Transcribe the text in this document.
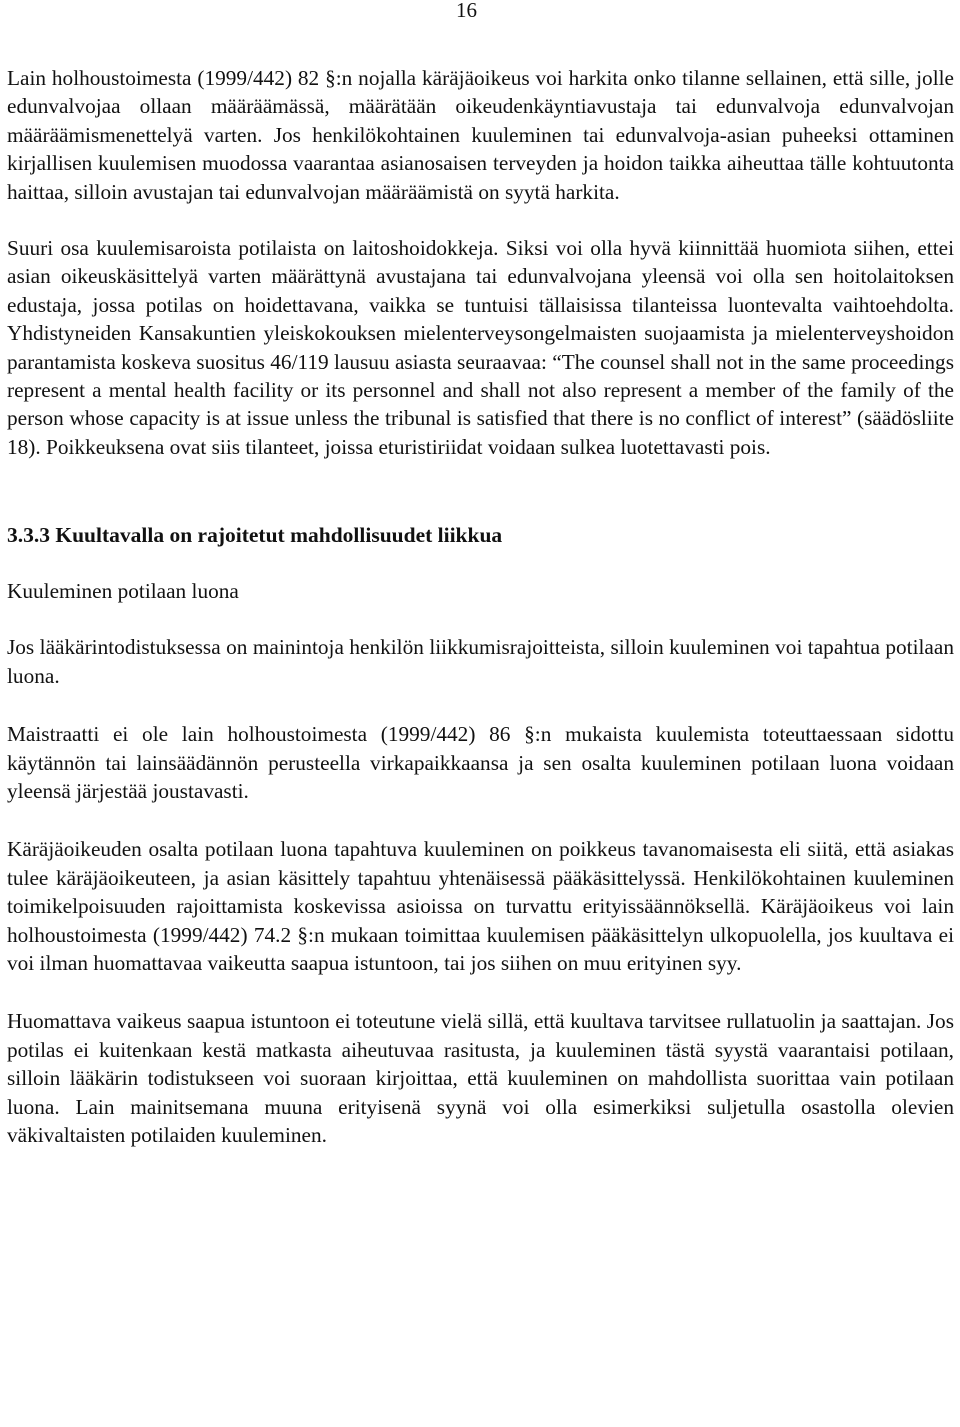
16

Lain holhoustoimesta (1999/442) 82 §:n nojalla käräjäoikeus voi harkita onko tilanne sellainen, että sille, jolle edunvalvojaa ollaan määräämässä, määrätään oikeudenkäyntiavustaja tai edunvalvoja edunvalvojan määräämismenettelyä varten. Jos henkilökohtainen kuuleminen tai edunvalvoja-asian puheeksi ottaminen kirjallisen kuulemisen muodossa vaarantaa asianosaisen terveyden ja hoidon taikka aiheuttaa tälle kohtuutonta haittaa, silloin avustajan tai edunvalvojan määräämistä on syytä harkita.

Suuri osa kuulemisaroista potilaista on laitoshoidokkeja. Siksi voi olla hyvä kiinnittää huomiota siihen, ettei asian oikeuskäsittelyä varten määrättynä avustajana tai edunvalvojana yleensä voi olla sen hoitolaitoksen edustaja, jossa potilas on hoidettavana, vaikka se tuntuisi tällaisissa tilanteissa luontevalta vaihtoehdolta. Yhdistyneiden Kansakuntien yleiskokouksen mielenterveysongelmaisten suojaamista ja mielenterveyshoidon parantamista koskeva suositus 46/119 lausuu asiasta seuraavaa: “The counsel shall not in the same proceedings represent a mental health facility or its personnel and shall not also represent a member of the family of the person whose capacity is at issue unless the tribunal is satisfied that there is no conflict of interest” (säädösliite 18). Poikkeuksena ovat siis tilanteet, joissa eturistiriidat voidaan sulkea luotettavasti pois.

3.3.3 Kuultavalla on rajoitetut mahdollisuudet liikkua
Kuuleminen potilaan luona

Jos lääkärintodistuksessa on mainintoja henkilön liikkumisrajoitteista, silloin kuuleminen voi tapahtua potilaan luona.

Maistraatti ei ole lain holhoustoimesta (1999/442) 86 §:n mukaista kuulemista toteuttaessaan sidottu käytännön tai lainsäädännön perusteella virkapaikkaansa ja sen osalta kuuleminen potilaan luona voidaan yleensä järjestää joustavasti.

Käräjäoikeuden osalta potilaan luona tapahtuva kuuleminen on poikkeus tavanomaisesta eli siitä, että asiakas tulee käräjäoikeuteen, ja asian käsittely tapahtuu yhtenäisessä pääkäsittelyssä. Henkilökohtainen kuuleminen toimikelpoisuuden rajoittamista koskevissa asioissa on turvattu erityissäännöksellä. Käräjäoikeus voi lain holhoustoimesta (1999/442) 74.2 §:n mukaan toimittaa kuulemisen pääkäsittelyn ulkopuolella, jos kuultava ei voi ilman huomattavaa vaikeutta saapua istuntoon, tai jos siihen on muu erityinen syy.

Huomattava vaikeus saapua istuntoon ei toteutune vielä sillä, että kuultava tarvitsee rullatuolin ja saattajan. Jos potilas ei kuitenkaan kestä matkasta aiheutuvaa rasitusta, ja kuuleminen tästä syystä vaarantaisi potilaan, silloin lääkärin todistukseen voi suoraan kirjoittaa, että kuuleminen on mahdollista suorittaa vain potilaan luona. Lain mainitsemana muuna erityisenä syynä voi olla esimerkiksi suljetulla osastolla olevien väkivaltaisten potilaiden kuuleminen.
